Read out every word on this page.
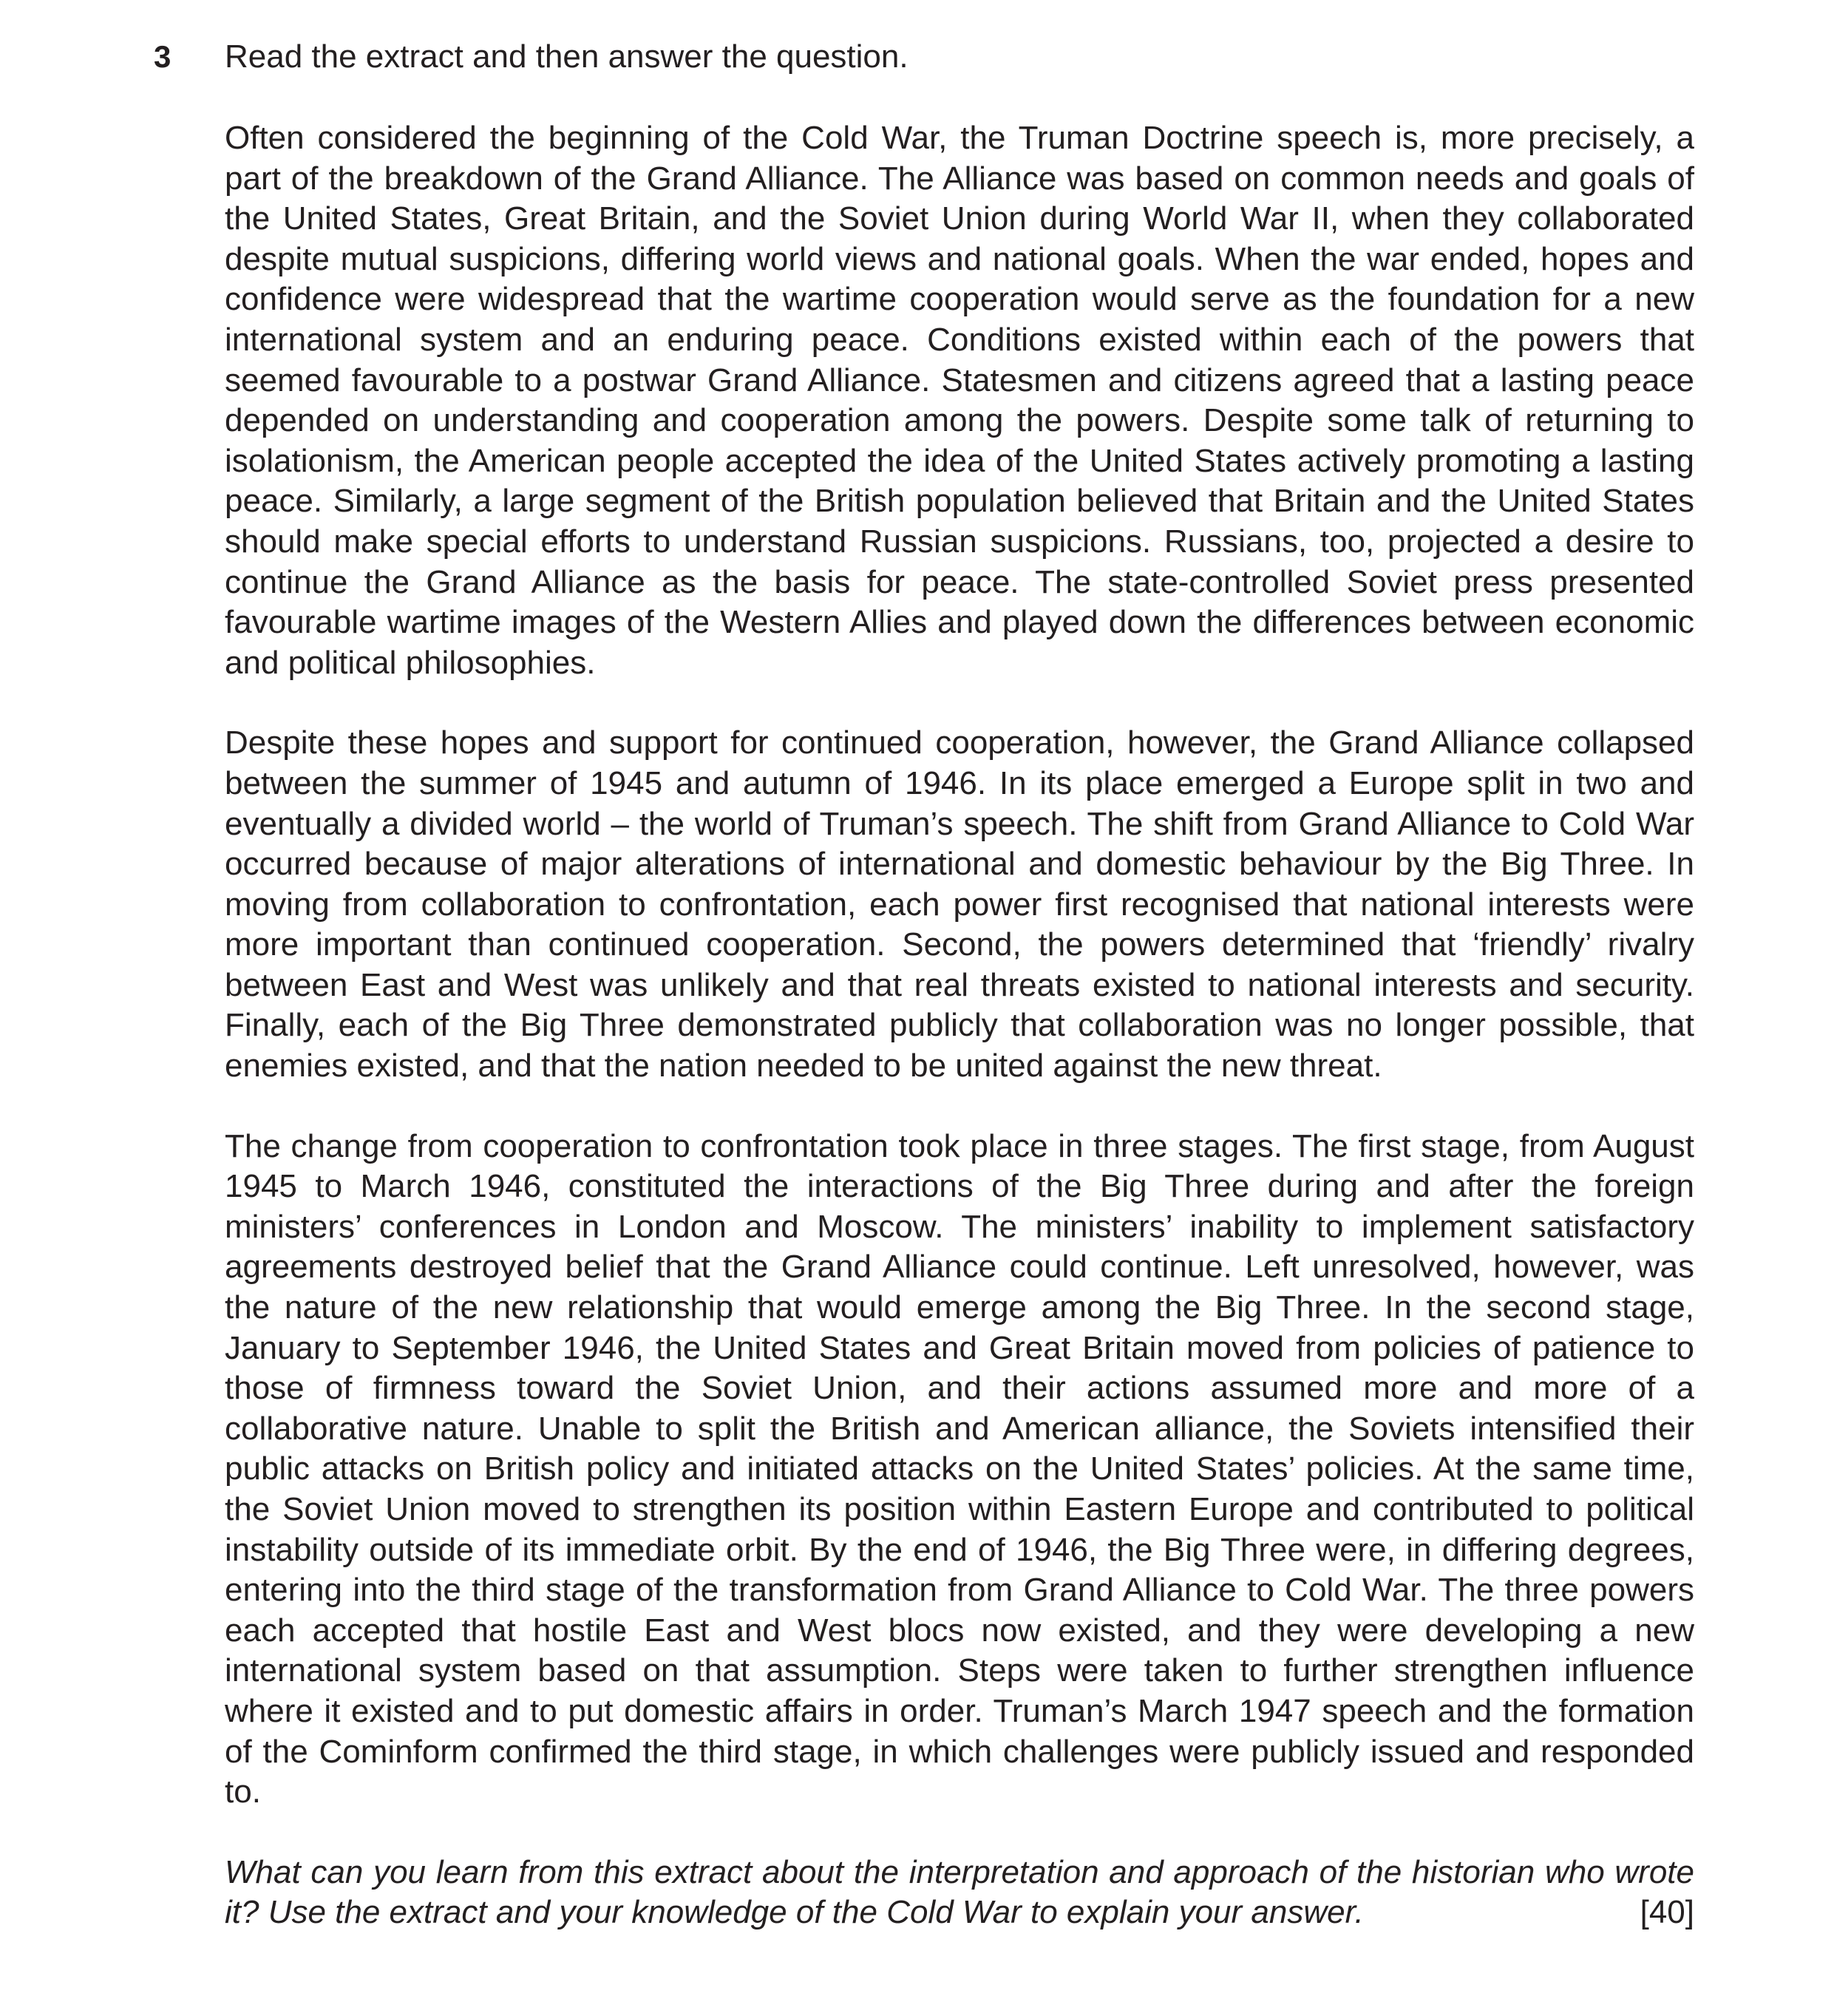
3 Read the extract and then answer the question.

Often considered the beginning of the Cold War, the Truman Doctrine speech is, more precisely, a part of the breakdown of the Grand Alliance. The Alliance was based on common needs and goals of the United States, Great Britain, and the Soviet Union during World War II, when they collaborated despite mutual suspicions, differing world views and national goals. When the war ended, hopes and confidence were widespread that the wartime cooperation would serve as the foundation for a new international system and an enduring peace. Conditions existed within each of the powers that seemed favourable to a postwar Grand Alliance. Statesmen and citizens agreed that a lasting peace depended on understanding and cooperation among the powers. Despite some talk of returning to isolationism, the American people accepted the idea of the United States actively promoting a lasting peace. Similarly, a large segment of the British population believed that Britain and the United States should make special efforts to understand Russian suspicions. Russians, too, projected a desire to continue the Grand Alliance as the basis for peace. The state-controlled Soviet press presented favourable wartime images of the Western Allies and played down the differences between economic and political philosophies.

Despite these hopes and support for continued cooperation, however, the Grand Alliance collapsed between the summer of 1945 and autumn of 1946. In its place emerged a Europe split in two and eventually a divided world – the world of Truman’s speech. The shift from Grand Alliance to Cold War occurred because of major alterations of international and domestic behaviour by the Big Three. In moving from collaboration to confrontation, each power first recognised that national interests were more important than continued cooperation. Second, the powers determined that ‘friendly’ rivalry between East and West was unlikely and that real threats existed to national interests and security. Finally, each of the Big Three demonstrated publicly that collaboration was no longer possible, that enemies existed, and that the nation needed to be united against the new threat.

The change from cooperation to confrontation took place in three stages. The first stage, from August 1945 to March 1946, constituted the interactions of the Big Three during and after the foreign ministers’ conferences in London and Moscow. The ministers’ inability to implement satisfactory agreements destroyed belief that the Grand Alliance could continue. Left unresolved, however, was the nature of the new relationship that would emerge among the Big Three. In the second stage, January to September 1946, the United States and Great Britain moved from policies of patience to those of firmness toward the Soviet Union, and their actions assumed more and more of a collaborative nature. Unable to split the British and American alliance, the Soviets intensified their public attacks on British policy and initiated attacks on the United States’ policies. At the same time, the Soviet Union moved to strengthen its position within Eastern Europe and contributed to political instability outside of its immediate orbit. By the end of 1946, the Big Three were, in differing degrees, entering into the third stage of the transformation from Grand Alliance to Cold War. The three powers each accepted that hostile East and West blocs now existed, and they were developing a new international system based on that assumption. Steps were taken to further strengthen influence where it existed and to put domestic affairs in order. Truman’s March 1947 speech and the formation of the Cominform confirmed the third stage, in which challenges were publicly issued and responded to.

What can you learn from this extract about the interpretation and approach of the historian who wrote it? Use the extract and your knowledge of the Cold War to explain your answer.	[40]
